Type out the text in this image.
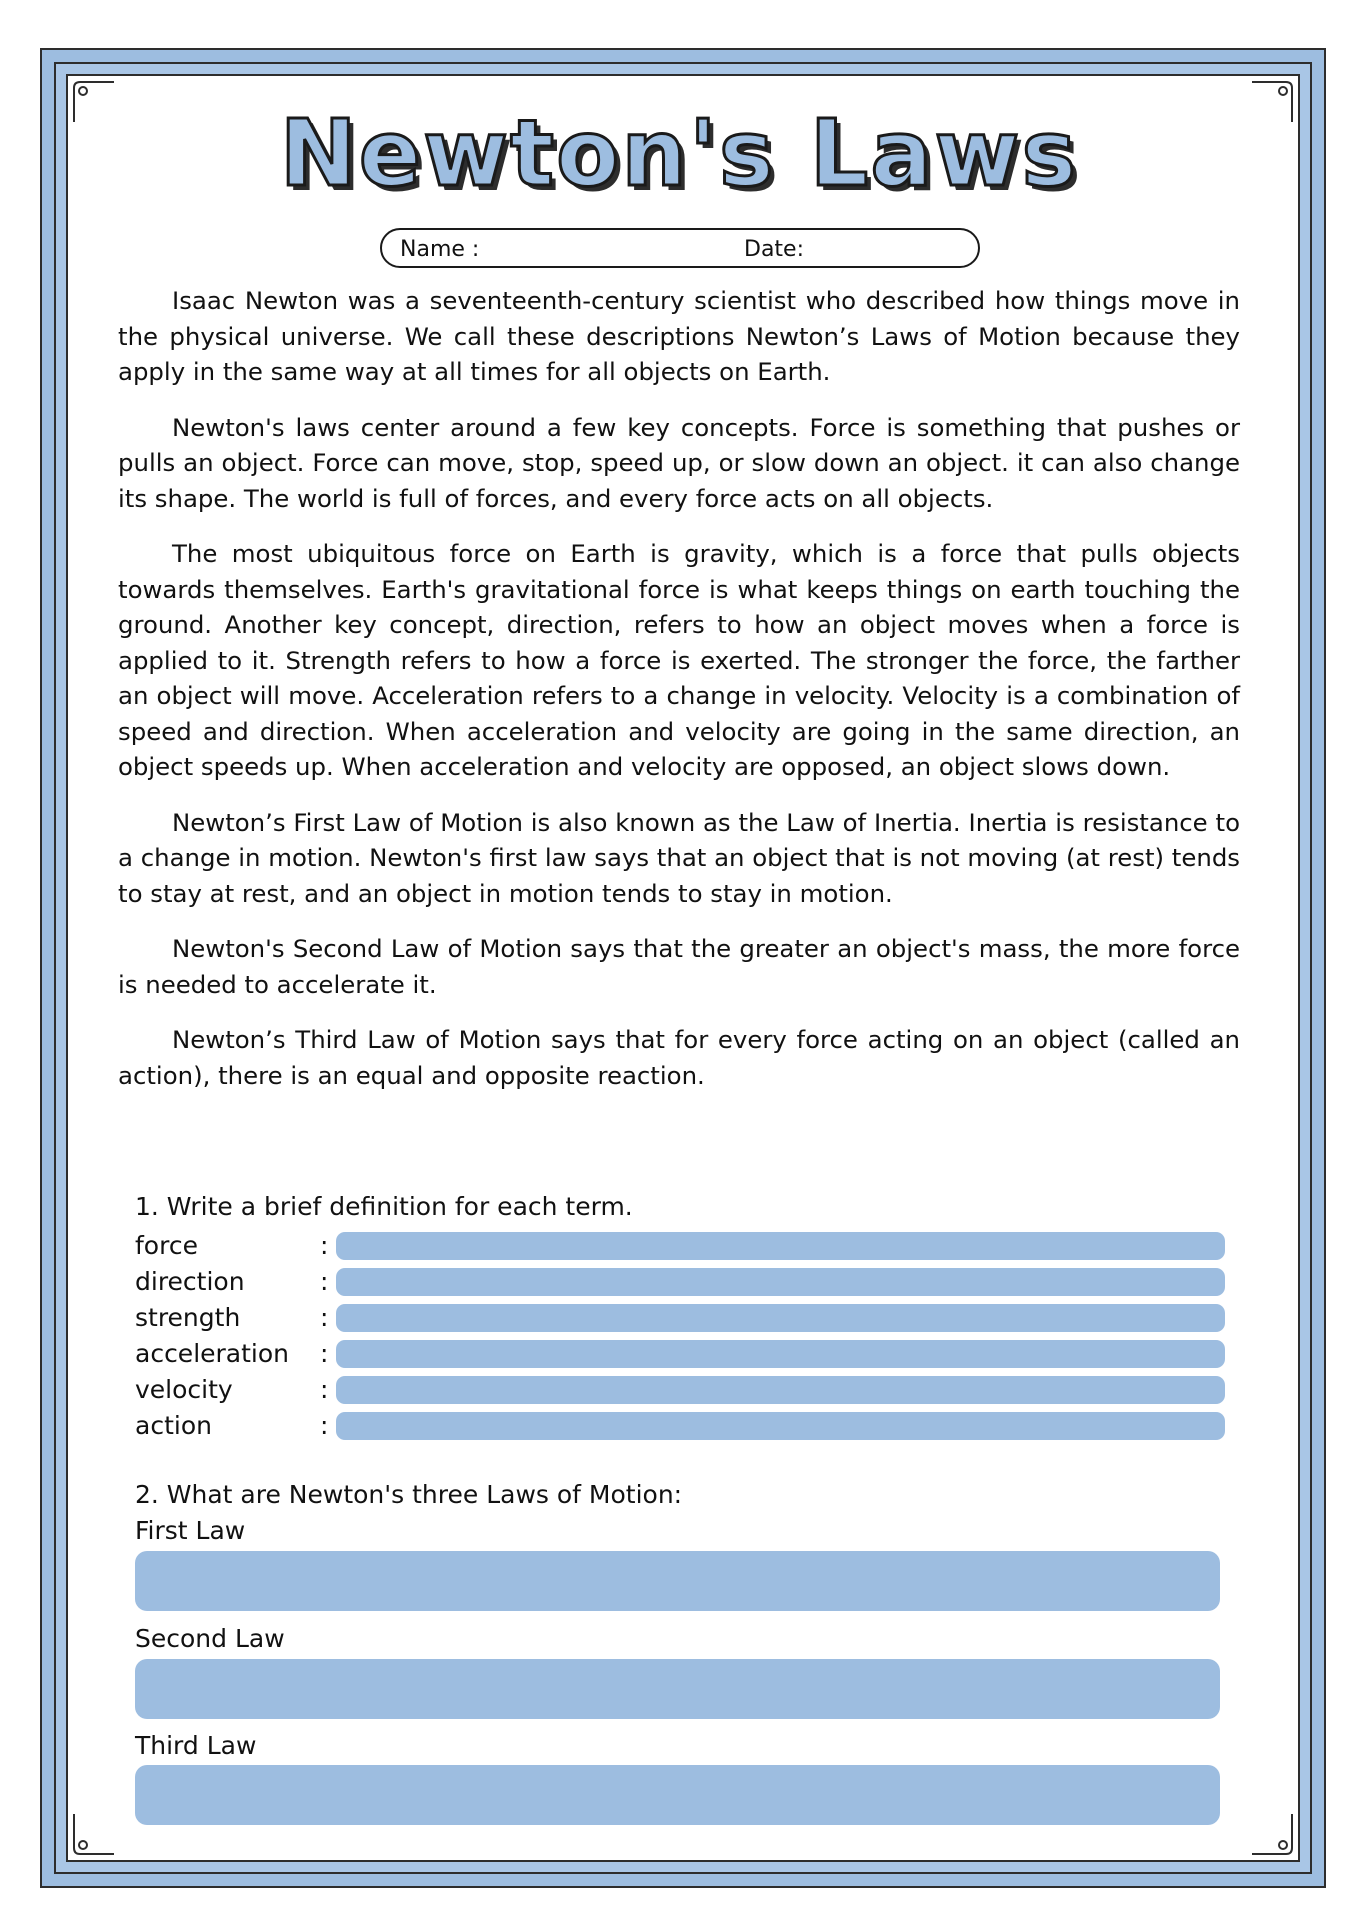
Newton's Laws
Name :	Date:

Isaac Newton was a seventeenth-century scientist who described how things move in the physical universe. We call these descriptions Newton’s Laws of Motion because they apply in the same way at all times for all objects on Earth.

Newton's laws center around a few key concepts. Force is something that pushes or pulls an object. Force can move, stop, speed up, or slow down an object. it can also change its shape. The world is full of forces, and every force acts on all objects.

The most ubiquitous force on Earth is gravity, which is a force that pulls objects towards themselves. Earth's gravitational force is what keeps things on earth touching the ground. Another key concept, direction, refers to how an object moves when a force is applied to it. Strength refers to how a force is exerted. The stronger the force, the farther an object will move. Acceleration refers to a change in velocity. Velocity is a combination of speed and direction. When acceleration and velocity are going in the same direction, an object speeds up. When acceleration and velocity are opposed, an object slows down.

Newton’s First Law of Motion is also known as the Law of Inertia. Inertia is resistance to a change in motion. Newton's first law says that an object that is not moving (at rest) tends to stay at rest, and an object in motion tends to stay in motion.

Newton's Second Law of Motion says that the greater an object's mass, the more force is needed to accelerate it.

Newton’s Third Law of Motion says that for every force acting on an object (called an action), there is an equal and opposite reaction.

1. Write a brief definition for each term.
force	:
direction	:
strength	:
acceleration :
velocity	:
action	:
2. What are Newton's three Laws of Motion:
First Law
Second Law
Third Law
